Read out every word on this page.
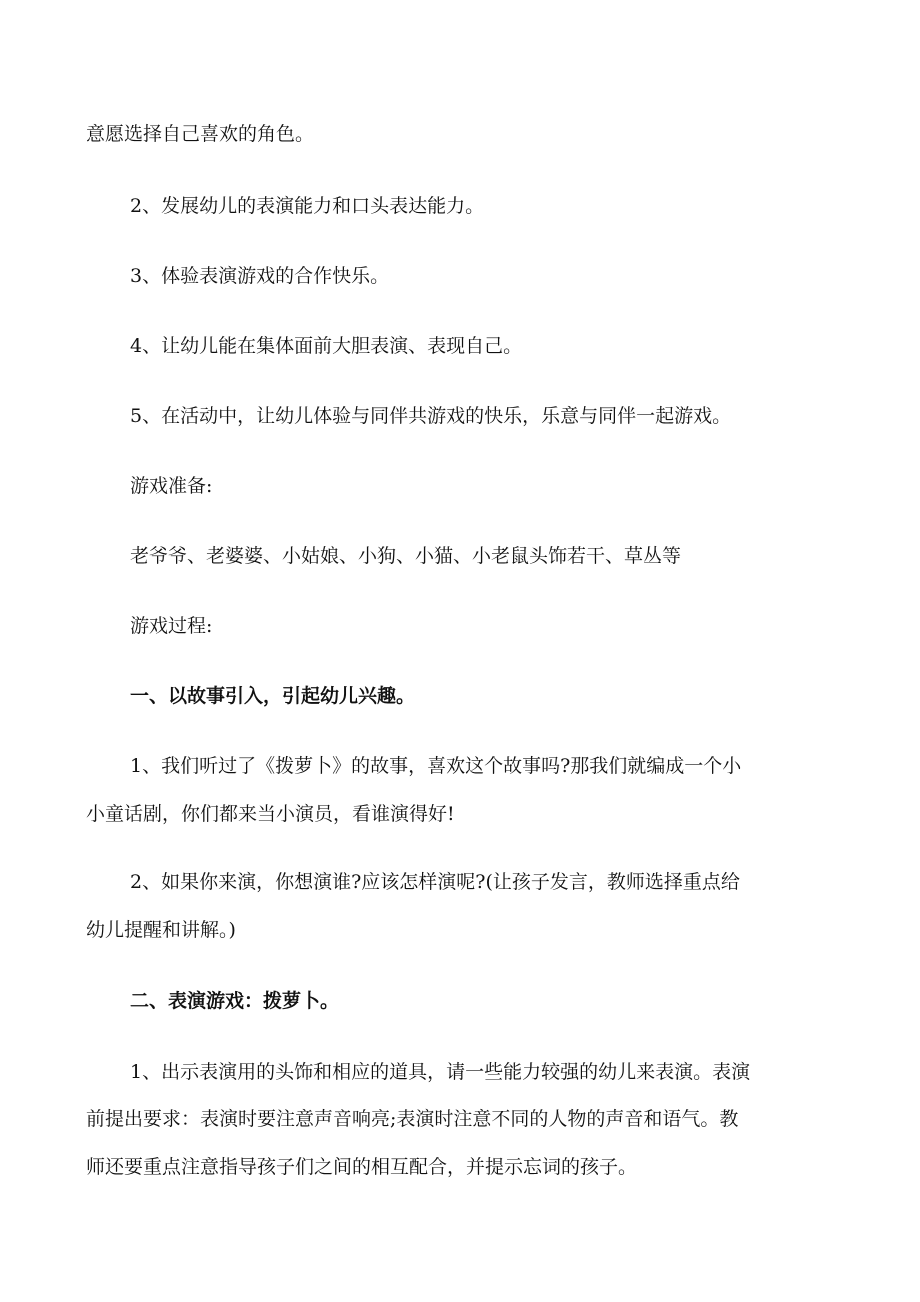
意愿选择自己喜欢的角色。
2、发展幼儿的表演能力和口头表达能力。
3、体验表演游戏的合作快乐。
4、让幼儿能在集体面前大胆表演、表现自己。
5、在活动中，让幼儿体验与同伴共游戏的快乐，乐意与同伴一起游戏。
游戏准备:
老爷爷、老婆婆、小姑娘、小狗、小猫、小老鼠头饰若干、草丛等
游戏过程:
一、以故事引入，引起幼儿兴趣。
1、我们听过了《拨萝卜》的故事，喜欢这个故事吗?那我们就编成一个小
小童话剧，你们都来当小演员，看谁演得好!
2、如果你来演，你想演谁?应该怎样演呢?(让孩子发言，教师选择重点给
幼儿提醒和讲解。)
二、表演游戏：拨萝卜。
1、出示表演用的头饰和相应的道具，请一些能力较强的幼儿来表演。表演
前提出要求：表演时要注意声音响亮;表演时注意不同的人物的声音和语气。教
师还要重点注意指导孩子们之间的相互配合，并提示忘词的孩子。
